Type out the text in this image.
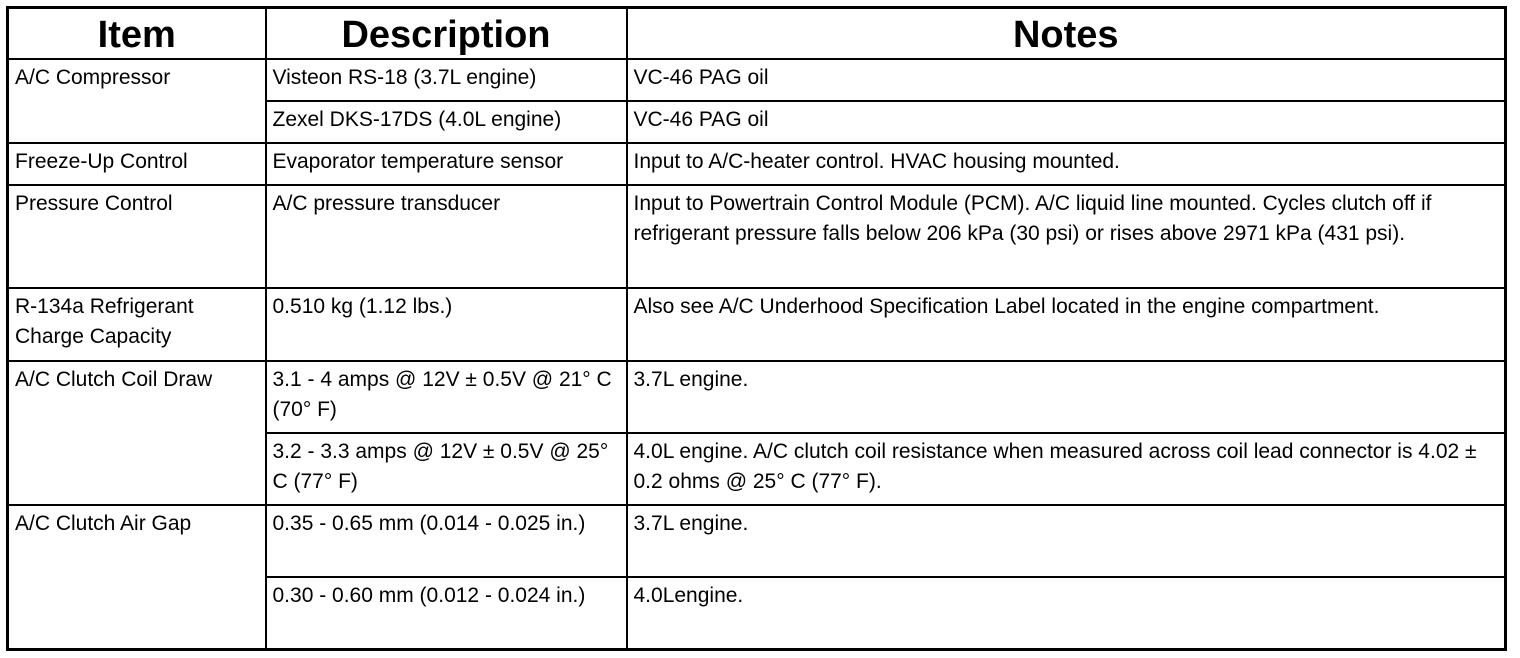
Item	Description	Notes
A/C Compressor	Visteon RS-18 (3.7L engine)	VC-46 PAG oil
	Zexel DKS-17DS (4.0L engine)	VC-46 PAG oil
Freeze-Up Control	Evaporator temperature sensor	Input to A/C-heater control. HVAC housing mounted.
Pressure Control	A/C pressure transducer	Input to Powertrain Control Module (PCM). A/C liquid line mounted. Cycles clutch off if refrigerant pressure falls below 206 kPa (30 psi) or rises above 2971 kPa (431 psi).
R-134a Refrigerant Charge Capacity	0.510 kg (1.12 lbs.)	Also see A/C Underhood Specification Label located in the engine compartment.
A/C Clutch Coil Draw	3.1 - 4 amps @ 12V ± 0.5V @ 21° C (70° F)	3.7L engine.
	3.2 - 3.3 amps @ 12V ± 0.5V @ 25° C (77° F)	4.0L engine. A/C clutch coil resistance when measured across coil lead connector is 4.02 ± 0.2 ohms @ 25° C (77° F).
A/C Clutch Air Gap	0.35 - 0.65 mm (0.014 - 0.025 in.)	3.7L engine.
	0.30 - 0.60 mm (0.012 - 0.024 in.)	4.0Lengine.
